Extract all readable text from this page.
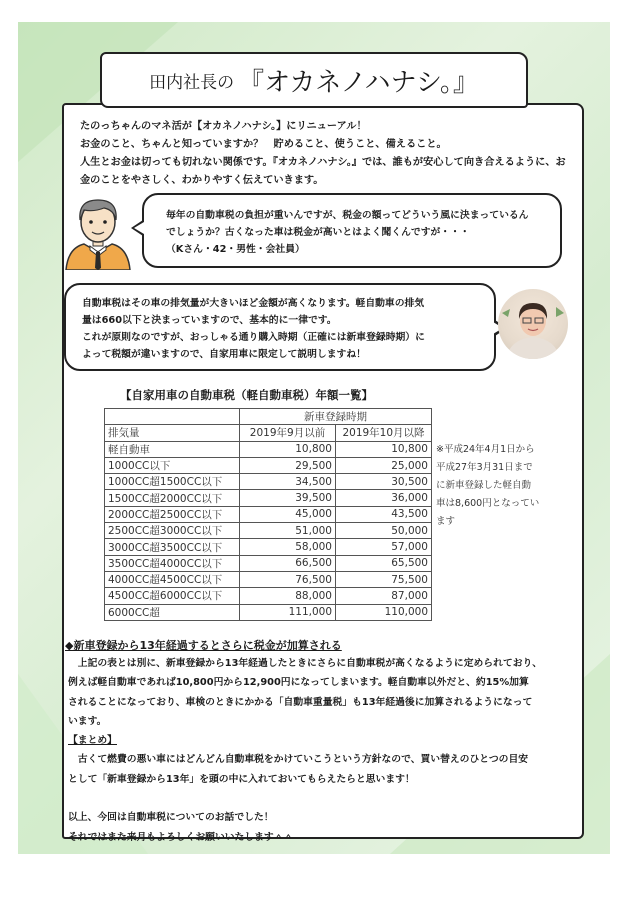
田内社長の 『オカネノハナシ。』
たのっちゃんのマネ活が【オカネノハナシ。】にリニューアル！
お金のこと、ちゃんと知っていますか？　貯めること、使うこと、備えること。
人生とお金は切っても切れない関係です。『オカネノハナシ。』では、誰もが安心して向き合えるように、お
金のことをやさしく、わかりやすく伝えていきます。
毎年の自動車税の負担が重いんですが、税金の額ってどういう風に決まっているん
でしょうか？古くなった車は税金が高いとはよく聞くんですが・・・
（Kさん・42・男性・会社員）
自動車税はその車の排気量が大きいほど金額が高くなります。軽自動車の排気
量は660以下と決まっていますので、基本的に一律です。
これが原則なのですが、おっしゃる通り購入時期（正確には新車登録時期）に
よって税額が違いますので、自家用車に限定して説明しますね！
【自家用車の自動車税（軽自動車税）年額一覧】
	新車登録時期	
排気量	2019年9月以前	2019年10月以降
軽自動車	10,800	10,800
1000CC以下	29,500	25,000
1000CC超1500CC以下	34,500	30,500
1500CC超2000CC以下	39,500	36,000
2000CC超2500CC以下	45,000	43,500
2500CC超3000CC以下	51,000	50,000
3000CC超3500CC以下	58,000	57,000
3500CC超4000CC以下	66,500	65,500
4000CC超4500CC以下	76,500	75,500
4500CC超6000CC以下	88,000	87,000
6000CC超	111,000	110,000
※平成24年4月1日から
平成27年3月31日まで
に新車登録した軽自動
車は8,600円となってい
ます
◆新車登録から13年経過するとさらに税金が加算される
　上記の表とは別に、新車登録から13年経過したときにさらに自動車税が高くなるように定められており、
例えば軽自動車であれば10,800円から12,900円になってしまいます。軽自動車以外だと、約15%加算
されることになっており、車検のときにかかる「自動車重量税」も13年経過後に加算されるようになって
います。
【まとめ】
　古くて燃費の悪い車にはどんどん自動車税をかけていこうという方針なので、買い替えのひとつの目安
として「新車登録から13年」を頭の中に入れておいてもらえたらと思います！
以上、今回は自動車税についてのお話でした！
それではまた来月もよろしくお願いいたします＾＾
